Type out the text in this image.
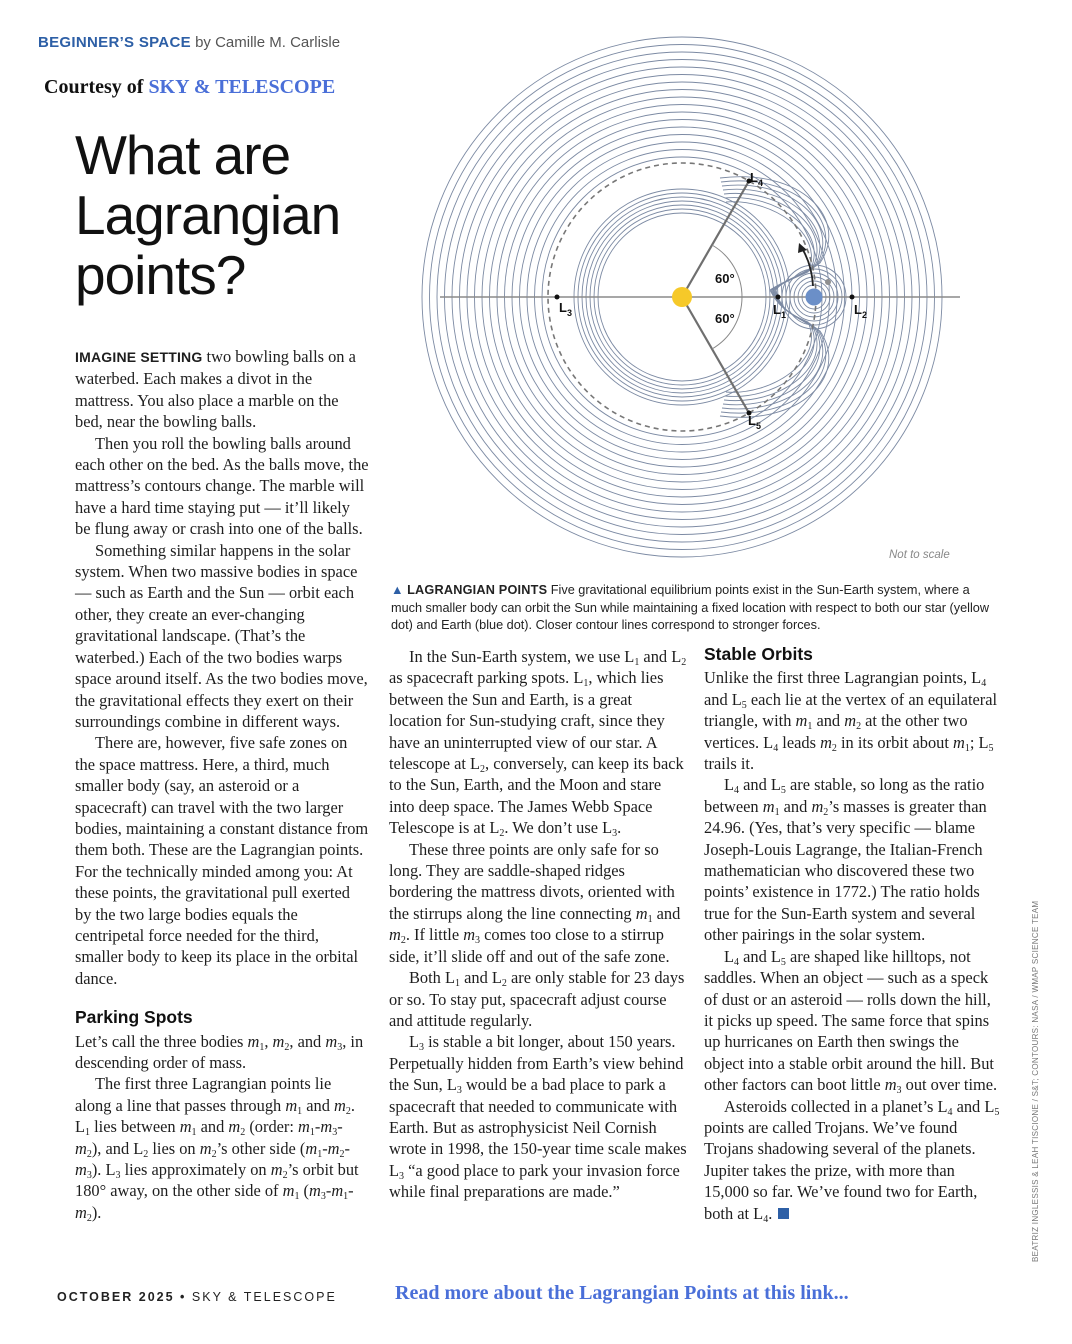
BEGINNER’S SPACE by Camille M. Carlisle
Courtesy of SKY & TELESCOPE
What are Lagrangian points?
$L_4$
$L_5$
$L_3$	$L_1$	$L_2$
60°
60°
Not to scale
▲ LAGRANGIAN POINTS Five gravitational equilibrium points exist in the Sun-Earth system, where a much smaller body can orbit the Sun while maintaining a fixed location with respect to both our star (yellow dot) and Earth (blue dot). Closer contour lines correspond to stronger forces.

IMAGINE SETTING two bowling balls on a waterbed. Each makes a divot in the mattress. You also place a marble on the bed, near the bowling balls.

Then you roll the bowling balls around each other on the bed. As the balls move, the mattress’s contours change. The marble will have a hard time staying put — it’ll likely be flung away or crash into one of the balls.

Something similar happens in the solar system. When two massive bodies in space — such as Earth and the Sun — orbit each other, they create an ever-changing gravitational landscape. (That’s the waterbed.) Each of the two bodies warps space around itself. As the two bodies move, the gravitational effects they exert on their surroundings combine in different ways.

There are, however, five safe zones on the space mattress. Here, a third, much smaller body (say, an asteroid or a spacecraft) can travel with the two larger bodies, maintaining a constant distance from them both. These are the Lagrangian points. For the technically minded among you: At these points, the gravitational pull exerted by the two large bodies equals the centripetal force needed for the third, smaller body to keep its place in the orbital dance.

Parking Spots

Let’s call the three bodies $m_1$, $m_2$, and $m_3$, in descending order of mass.

The first three Lagrangian points lie along a line that passes through $m_1$ and $m_2$. $L_1$ lies between $m_1$ and $m_2$ (order: $m_1-m_3-m_2$), and $L_2$ lies on $m_2’s$ other side $(m_1-m_2-m_3)$. $L_3$ lies approximately on $m_2’s$ orbit but 180° away, on the other side of $m_1$ $(m_3-m_1-m_2)$.

In the Sun-Earth system, we use $L_1$ and $L_2$ as spacecraft parking spots. $L_1$, which lies between the Sun and Earth, is a great location for Sun-studying craft, since they have an uninterrupted view of our star. A telescope at $L_2$, conversely, can keep its back to the Sun, Earth, and the Moon and stare into deep space. The James Webb Space Telescope is at $L_2$. We don’t use $L_3$.

These three points are only safe for so long. They are saddle-shaped ridges bordering the mattress divots, oriented with the stirrups along the line connecting $m_1$ and $m_2$. If little $m_3$ comes too close to a stirrup side, it’ll slide off and out of the safe zone.

Both $L_1$ and $L_2$ are only stable for 23 days or so. To stay put, spacecraft adjust course and attitude regularly.

$L_3$ is stable a bit longer, about 150 years. Perpetually hidden from Earth’s view behind the Sun, $L_3$ would be a bad place to park a spacecraft that needed to communicate with Earth. But as astrophysicist Neil Cornish wrote in 1998, the 150-year time scale makes $L_3$ “a good place to park your invasion force while final preparations are made.”

Stable Orbits

Unlike the first three Lagrangian points, $L_4$ and $L_5$ each lie at the vertex of an equilateral triangle, with $m_1$ and $m_2$ at the other two vertices. $L_4$ leads $m_2$ in its orbit about $m_1$; $L_5$ trails it.

$L_4$ and $L_5$ are stable, so long as the ratio between $m_1$ and $m_2’s$ masses is greater than 24.96. (Yes, that’s very specific — blame Joseph-Louis Lagrange, the Italian-French mathematician who discovered these two points’ existence in 1772.) The ratio holds true for the Sun-Earth system and several other pairings in the solar system.

$L_4$ and $L_5$ are shaped like hilltops, not saddles. When an object — such as a speck of dust or an asteroid — rolls down the hill, it picks up speed. The same force that spins up hurricanes on Earth then swings the object into a stable orbit around the hill. But other factors can boot little $m_3$ out over time.

Asteroids collected in a planet’s $L_4$ and $L_5$ points are called Trojans. We’ve found Trojans shadowing several of the planets. Jupiter takes the prize, with more than 15,000 so far. We’ve found two for Earth, both at $L_4$.	BEATRIZ INGLESSIS & LEAH TISCIONE / S&T; CONTOURS: NASA / WMAP SCIENCE TEAM
OCTOBER 2025 • SKY & TELESCOPE	Read more about the Lagrangian Points at this link...
